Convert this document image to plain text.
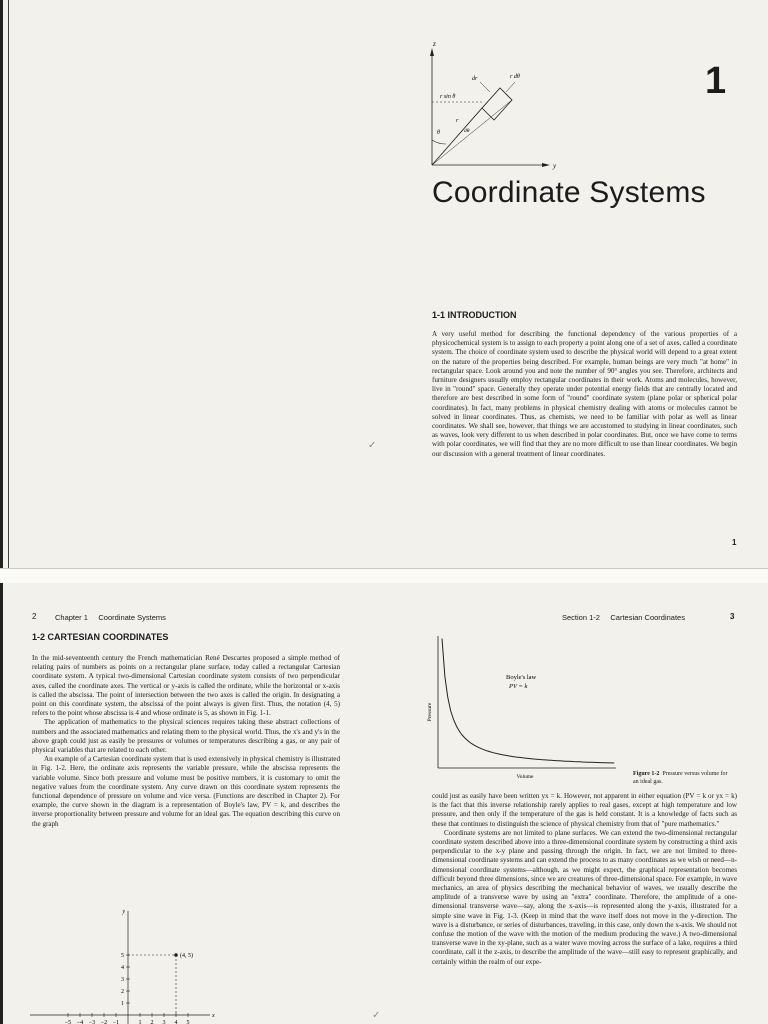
z
y
dr	r dθ
r sin θ
r
θ	dθ
1
Coordinate Systems
1-1 INTRODUCTION

A very useful method for describing the functional dependency of the various properties of a physicochemical system is to assign to each property a point along one of a set of axes, called a coordinate system. The choice of coordinate system used to describe the physical world will depend to a great extent on the nature of the properties being described. For example, human beings are very much "at home" in rectangular space. Look around you and note the number of 90° angles you see. Therefore, architects and furniture designers usually employ rectangular coordinates in their work. Atoms and molecules, however, live in "round" space. Generally they operate under potential energy fields that are centrally located and therefore are best described in some form of "round" coordinate system (plane polar or spherical polar coordinates). In fact, many problems in physical chemistry dealing with atoms or molecules cannot be solved in linear coordinates. Thus, as chemists, we need to be familiar with polar as well as linear coordinates. We shall see, however, that things we are accustomed to studying in linear coordinates, such as waves, look very different to us when described in polar coordinates. But, once we have come to terms with polar coordinates, we will find that they are no more difficult to use than linear coordinates. We begin our discussion with a general treatment of linear coordinates.

1
✓
2 Chapter 1     Coordinate Systems
1-2 CARTESIAN COORDINATES

In the mid-seventeenth century the French mathematician René Descartes proposed a simple method of relating pairs of numbers as points on a rectangular plane surface, today called a rectangular Cartesian coordinate system. A typical two-dimensional Cartesian coordinate system consists of two perpendicular axes, called the coordinate axes. The vertical or y-axis is called the ordinate, while the horizontal or x-axis is called the abscissa. The point of intersection between the two axes is called the origin. In designating a point on this coordinate system, the abscissa of the point always is given first. Thus, the notation (4, 5) refers to the point whose abscissa is 4 and whose ordinate is 5, as shown in Fig. 1-1.

The application of mathematics to the physical sciences requires taking these abstract collections of numbers and the associated mathematics and relating them to the physical world. Thus, the x's and y's in the above graph could just as easily be pressures or volumes or temperatures describing a gas, or any pair of physical variables that are related to each other.

An example of a Cartesian coordinate system that is used extensively in physical chemistry is illustrated in Fig. 1-2. Here, the ordinate axis represents the variable pressure, while the abscissa represents the variable volume. Since both pressure and volume must be positive numbers, it is customary to omit the negative values from the coordinate system. Any curve drawn on this coordinate system represents the functional dependence of pressure on volume and vice versa. (Functions are described in Chapter 2). For example, the curve shown in the diagram is a representation of Boyle's law, PV = k, and describes the inverse proportionality between pressure and volume for an ideal gas. The equation describing this curve on the graph

y
x
−5 −4 −3 −2 −1	1 2 3 4 5
5
4
3
2
1
(4, 5)
✓
Section 1-2     Cartesian Coordinates	3
Boyle's law
PV = k
Pressure
Volume	Figure 1-2 Pressure versus volume for an ideal gas.

could just as easily have been written yx = k. However, not apparent in either equation (PV = k or yx = k) is the fact that this inverse relationship rarely applies to real gases, except at high temperature and low pressure, and then only if the temperature of the gas is held constant. It is a knowledge of facts such as these that continues to distinguish the science of physical chemistry from that of "pure mathematics."

Coordinate systems are not limited to plane surfaces. We can extend the two-dimensional rectangular coordinate system described above into a three-dimensional coordinate system by constructing a third axis perpendicular to the x-y plane and passing through the origin. In fact, we are not limited to three-dimensional coordinate systems and can extend the process to as many coordinates as we wish or need—n-dimensional coordinate systems—although, as we might expect, the graphical representation becomes difficult beyond three dimensions, since we are creatures of three-dimensional space. For example, in wave mechanics, an area of physics describing the mechanical behavior of waves, we usually describe the amplitude of a transverse wave by using an "extra" coordinate. Therefore, the amplitude of a one-dimensional transverse wave—say, along the x-axis—is represented along the y-axis, illustrated for a simple sine wave in Fig. 1-3. (Keep in mind that the wave itself does not move in the y-direction. The wave is a disturbance, or series of disturbances, traveling, in this case, only down the x-axis. We should not confuse the motion of the wave with the motion of the medium producing the wave.) A two-dimensional transverse wave in the xy-plane, such as a water wave moving across the surface of a lake, requires a third coordinate, call it the z-axis, to describe the amplitude of the wave—still easy to represent graphically, and certainly within the realm of our expe-
